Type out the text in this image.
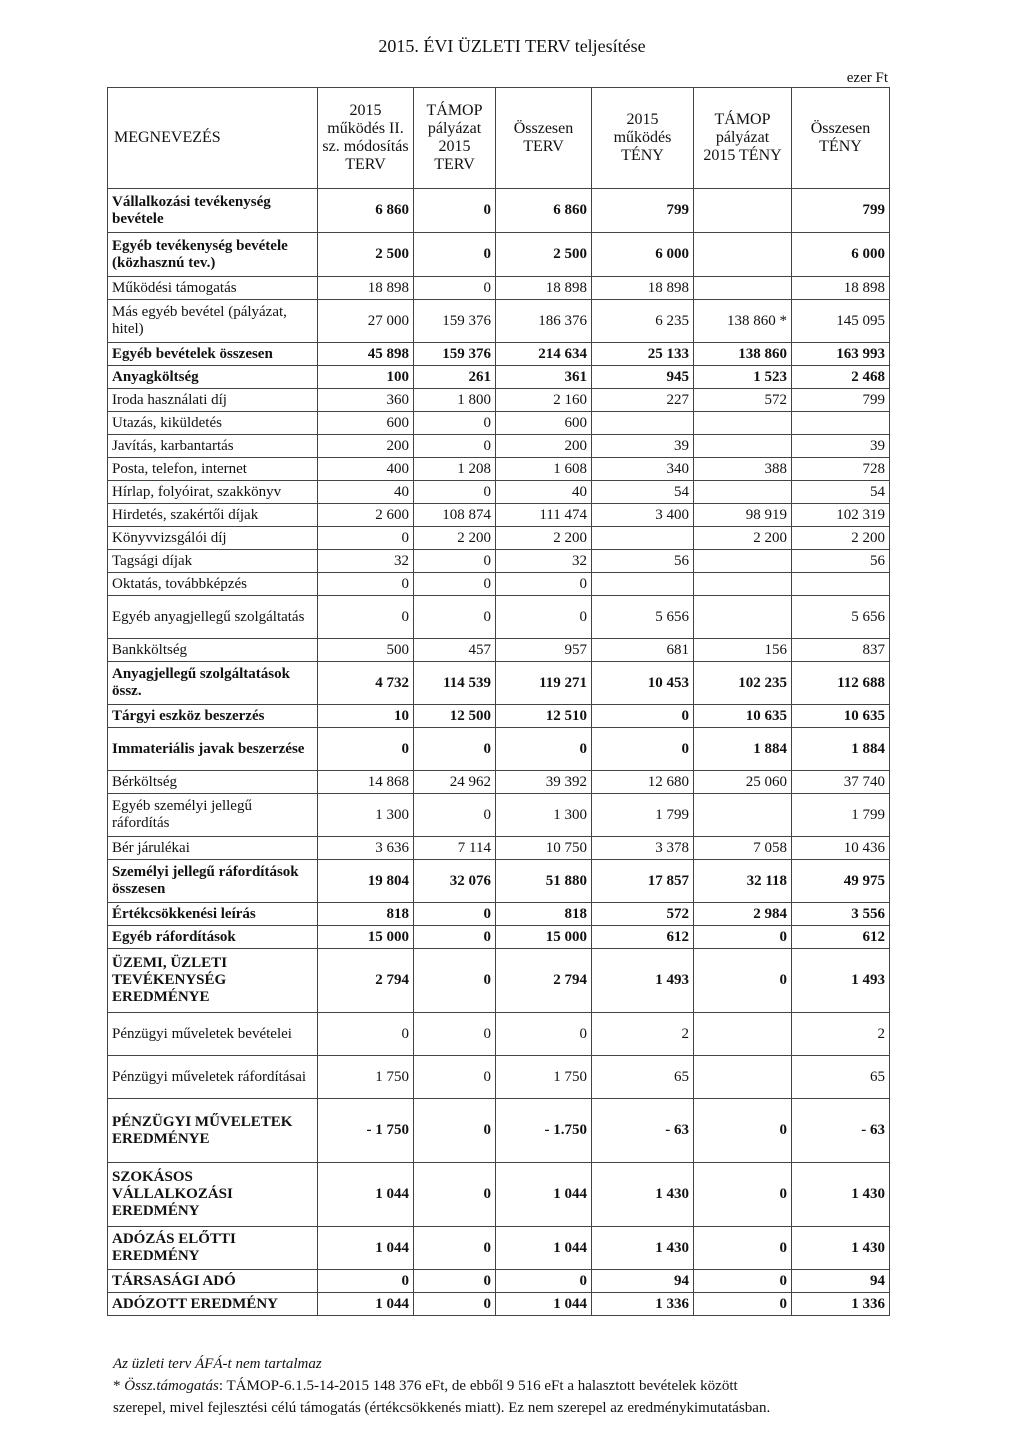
2015. ÉVI ÜZLETI TERV teljesítése
ezer Ft
MEGNEVEZÉS	2015 működés II. sz. módosítás TERV	TÁMOP pályázat 2015 TERV	Összesen TERV	2015 működés TÉNY	TÁMOP pályázat 2015 TÉNY	Összesen TÉNY
Vállalkozási tevékenység bevétele	6 860	0	6 860	799		799
Egyéb tevékenység bevétele (közhasznú tev.)	2 500	0	2 500	6 000		6 000
Működési támogatás	18 898	0	18 898	18 898		18 898
Más egyéb bevétel (pályázat, hitel)	27 000	159 376	186 376	6 235	138 860 *	145 095
Egyéb bevételek összesen	45 898	159 376	214 634	25 133	138 860	163 993
Anyagköltség	100	261	361	945	1 523	2 468
Iroda használati díj	360	1 800	2 160	227	572	799
Utazás, kiküldetés	600	0	600			
Javítás, karbantartás	200	0	200	39		39
Posta, telefon, internet	400	1 208	1 608	340	388	728
Hírlap, folyóirat, szakkönyv	40	0	40	54		54
Hirdetés, szakértői díjak	2 600	108 874	111 474	3 400	98 919	102 319
Könyvvizsgálói díj	0	2 200	2 200		2 200	2 200
Tagsági díjak	32	0	32	56		56
Oktatás, továbbképzés	0	0	0			
Egyéb anyagjellegű szolgáltatás	0	0	0	5 656		5 656
Bankköltség	500	457	957	681	156	837
Anyagjellegű szolgáltatások össz.	4 732	114 539	119 271	10 453	102 235	112 688
Tárgyi eszköz beszerzés	10	12 500	12 510	0	10 635	10 635
Immateriális javak beszerzése	0	0	0	0	1 884	1 884
Bérköltség	14 868	24 962	39 392	12 680	25 060	37 740
Egyéb személyi jellegű ráfordítás	1 300	0	1 300	1 799		1 799
Bér járulékai	3 636	7 114	10 750	3 378	7 058	10 436
Személyi jellegű ráfordítások összesen	19 804	32 076	51 880	17 857	32 118	49 975
Értékcsökkenési leírás	818	0	818	572	2 984	3 556
Egyéb ráfordítások	15 000	0	15 000	612	0	612
ÜZEMI, ÜZLETI TEVÉKENYSÉG EREDMÉNYE	2 794	0	2 794	1 493	0	1 493
Pénzügyi műveletek bevételei	0	0	0	2		2
Pénzügyi műveletek ráfordításai	1 750	0	1 750	65		65
PÉNZÜGYI MŰVELETEK EREDMÉNYE	- 1 750	0	- 1.750	- 63	0	- 63
SZOKÁSOS VÁLLALKOZÁSI EREDMÉNY	1 044	0	1 044	1 430	0	1 430
ADÓZÁS ELŐTTI EREDMÉNY	1 044	0	1 044	1 430	0	1 430
TÁRSASÁGI ADÓ	0	0	0	94	0	94
ADÓZOTT EREDMÉNY	1 044	0	1 044	1 336	0	1 336
Az üzleti terv ÁFÁ-t nem tartalmaz
* Össz.támogatás: TÁMOP-6.1.5-14-2015 148 376 eFt, de ebből 9 516 eFt a halasztott bevételek között
szerepel, mivel fejlesztési célú támogatás (értékcsökkenés miatt). Ez nem szerepel az eredménykimutatásban.
